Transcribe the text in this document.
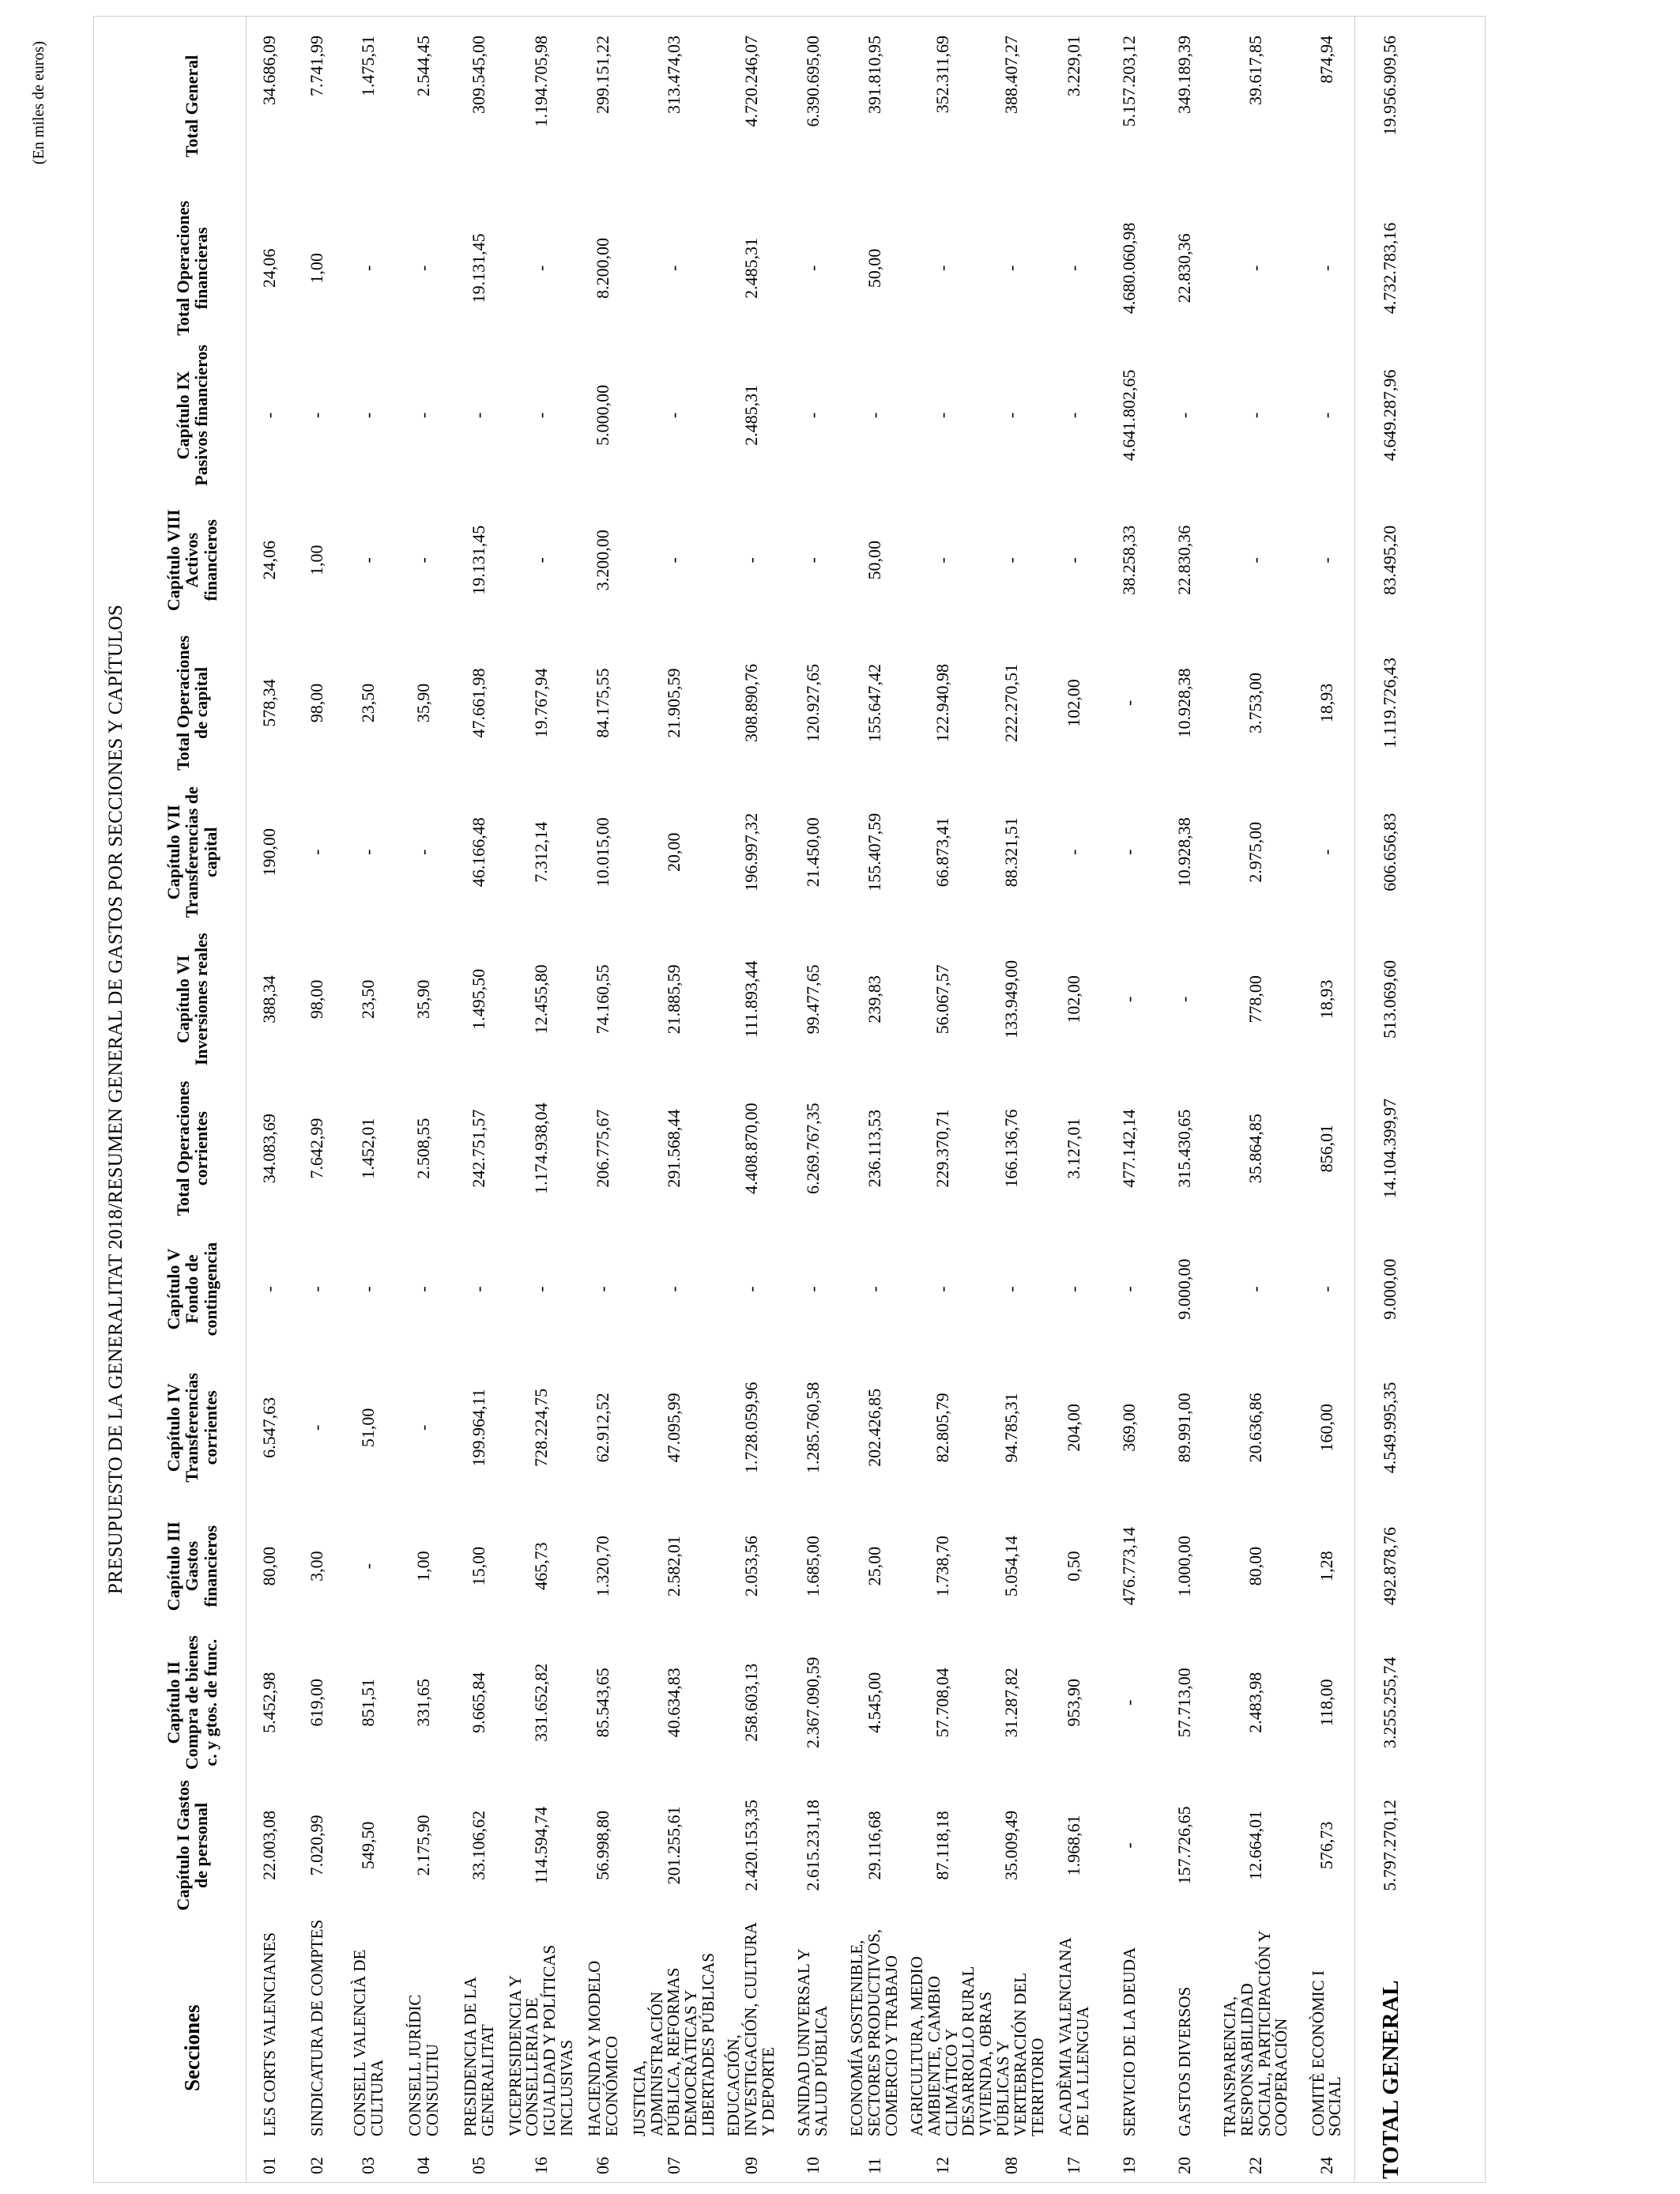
(En miles de euros)
PRESUPUESTO DE LA GENERALITAT 2018/RESUMEN GENERAL DE GASTOS POR SECCIONES Y CAPÍTULOS
Secciones		Capítulo I Gastos de personal	Capítulo II Compra de bienes c. y gtos. de func.	Capítulo III Gastos financieros	Capítulo IV Transferencias corrientes	Capítulo V Fondo de contingencia	Total Operaciones corrientes	Capítulo VI Inversiones reales	Capítulo VII Transferencias de capital	Total Operaciones de capital	Capítulo VIII Activos financieros	Capítulo IX Pasivos financieros	Total Operaciones financieras	Total General
01	LES CORTS VALENCIANES	22.003,08	5.452,98	80,00	6.547,63	-	34.083,69	388,34	190,00	578,34	24,06	-	24,06	34.686,09
02	SINDICATURA DE COMPTES	7.020,99	619,00	3,00	-	-	7.642,99	98,00	-	98,00	1,00	-	1,00	7.741,99
03	CONSELL VALENCIÀ DE CULTURA	549,50	851,51	-	51,00	-	1.452,01	23,50	-	23,50	-	-	-	1.475,51
04	CONSELL JURÍDIC CONSULTIU	2.175,90	331,65	1,00	-	-	2.508,55	35,90	-	35,90	-	-	-	2.544,45
05	PRESIDENCIA DE LA GENERALITAT	33.106,62	9.665,84	15,00	199.964,11	-	242.751,57	1.495,50	46.166,48	47.661,98	19.131,45	-	19.131,45	309.545,00
16	VICEPRESIDENCIA Y CONSELLERIA DE IGUALDAD Y POLÍTICAS INCLUSIVAS	114.594,74	331.652,82	465,73	728.224,75	-	1.174.938,04	12.455,80	7.312,14	19.767,94	-	-	-	1.194.705,98
06	HACIENDA Y MODELO ECONÓMICO	56.998,80	85.543,65	1.320,70	62.912,52	-	206.775,67	74.160,55	10.015,00	84.175,55	3.200,00	5.000,00	8.200,00	299.151,22
07	JUSTICIA, ADMINISTRACIÓN PÚBLICA, REFORMAS DEMOCRÁTICAS Y LIBERTADES PÚBLICAS	201.255,61	40.634,83	2.582,01	47.095,99	-	291.568,44	21.885,59	20,00	21.905,59	-	-	-	313.474,03
09	EDUCACIÓN, INVESTIGACIÓN, CULTURA Y DEPORTE	2.420.153,35	258.603,13	2.053,56	1.728.059,96	-	4.408.870,00	111.893,44	196.997,32	308.890,76	-	2.485,31	2.485,31	4.720.246,07
10	SANIDAD UNIVERSAL Y SALUD PÚBLICA	2.615.231,18	2.367.090,59	1.685,00	1.285.760,58	-	6.269.767,35	99.477,65	21.450,00	120.927,65	-	-	-	6.390.695,00
11	ECONOMÍA SOSTENIBLE, SECTORES PRODUCTIVOS, COMERCIO Y TRABAJO	29.116,68	4.545,00	25,00	202.426,85	-	236.113,53	239,83	155.407,59	155.647,42	50,00	-	50,00	391.810,95
12	AGRICULTURA, MEDIO AMBIENTE, CAMBIO CLIMÁTICO Y DESARROLLO RURAL	87.118,18	57.708,04	1.738,70	82.805,79	-	229.370,71	56.067,57	66.873,41	122.940,98	-	-	-	352.311,69
08	VIVIENDA, OBRAS PÚBLICAS Y VERTEBRACIÓN DEL TERRITORIO	35.009,49	31.287,82	5.054,14	94.785,31	-	166.136,76	133.949,00	88.321,51	222.270,51	-	-	-	388.407,27
17	ACADÈMIA VALENCIANA DE LA LLENGUA	1.968,61	953,90	0,50	204,00	-	3.127,01	102,00	-	102,00	-	-	-	3.229,01
19	SERVICIO DE LA DEUDA	-	-	476.773,14	369,00	-	477.142,14	-	-	-	38.258,33	4.641.802,65	4.680.060,98	5.157.203,12
20	GASTOS DIVERSOS	157.726,65	57.713,00	1.000,00	89.991,00	9.000,00	315.430,65	-	10.928,38	10.928,38	22.830,36	-	22.830,36	349.189,39
22	TRANSPARENCIA, RESPONSABILIDAD SOCIAL, PARTICIPACIÓN Y COOPERACIÓN	12.664,01	2.483,98	80,00	20.636,86	-	35.864,85	778,00	2.975,00	3.753,00	-	-	-	39.617,85
24	COMITÈ ECONÒMIC I SOCIAL	576,73	118,00	1,28	160,00	-	856,01	18,93	-	18,93	-	-	-	874,94
TOTAL GENERAL		5.797.270,12	3.255.255,74	492.878,76	4.549.995,35	9.000,00	14.104.399,97	513.069,60	606.656,83	1.119.726,43	83.495,20	4.649.287,96	4.732.783,16	19.956.909,56
